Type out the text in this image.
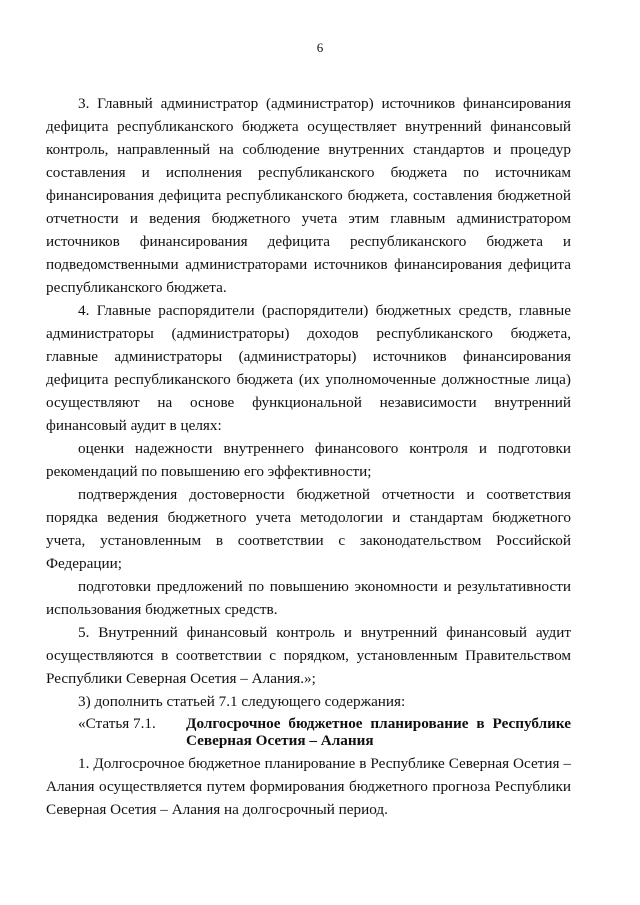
6

3. Главный администратор (администратор) источников финансирования дефицита республиканского бюджета осуществляет внутренний финансовый контроль, направленный на соблюдение внутренних стандартов и процедур составления и исполнения республиканского бюджета по источникам финансирования дефицита республиканского бюджета, составления бюджетной отчетности и ведения бюджетного учета этим главным администратором источников финансирования дефицита республиканского бюджета и подведомственными администраторами источников финансирования дефицита республиканского бюджета.

4. Главные распорядители (распорядители) бюджетных средств, главные администраторы (администраторы) доходов республиканского бюджета, главные администраторы (администраторы) источников финансирования дефицита республиканского бюджета (их уполномоченные должностные лица) осуществляют на основе функциональной независимости внутренний финансовый аудит в целях:

оценки надежности внутреннего финансового контроля и подготовки рекомендаций по повышению его эффективности;

подтверждения достоверности бюджетной отчетности и соответствия порядка ведения бюджетного учета методологии и стандартам бюджетного учета, установленным в соответствии с законодательством Российской Федерации;

подготовки предложений по повышению экономности и результативности использования бюджетных средств.

5. Внутренний финансовый контроль и внутренний финансовый аудит осуществляются в соответствии с порядком, установленным Правительством Республики Северная Осетия – Алания.»;

3) дополнить статьей 7.1 следующего содержания:

«Статья 7.1.	Долгосрочное бюджетное планирование в Республике Северная Осетия – Алания

1. Долгосрочное бюджетное планирование в Республике Северная Осетия – Алания осуществляется путем формирования бюджетного прогноза Республики Северная Осетия – Алания на долгосрочный период.
